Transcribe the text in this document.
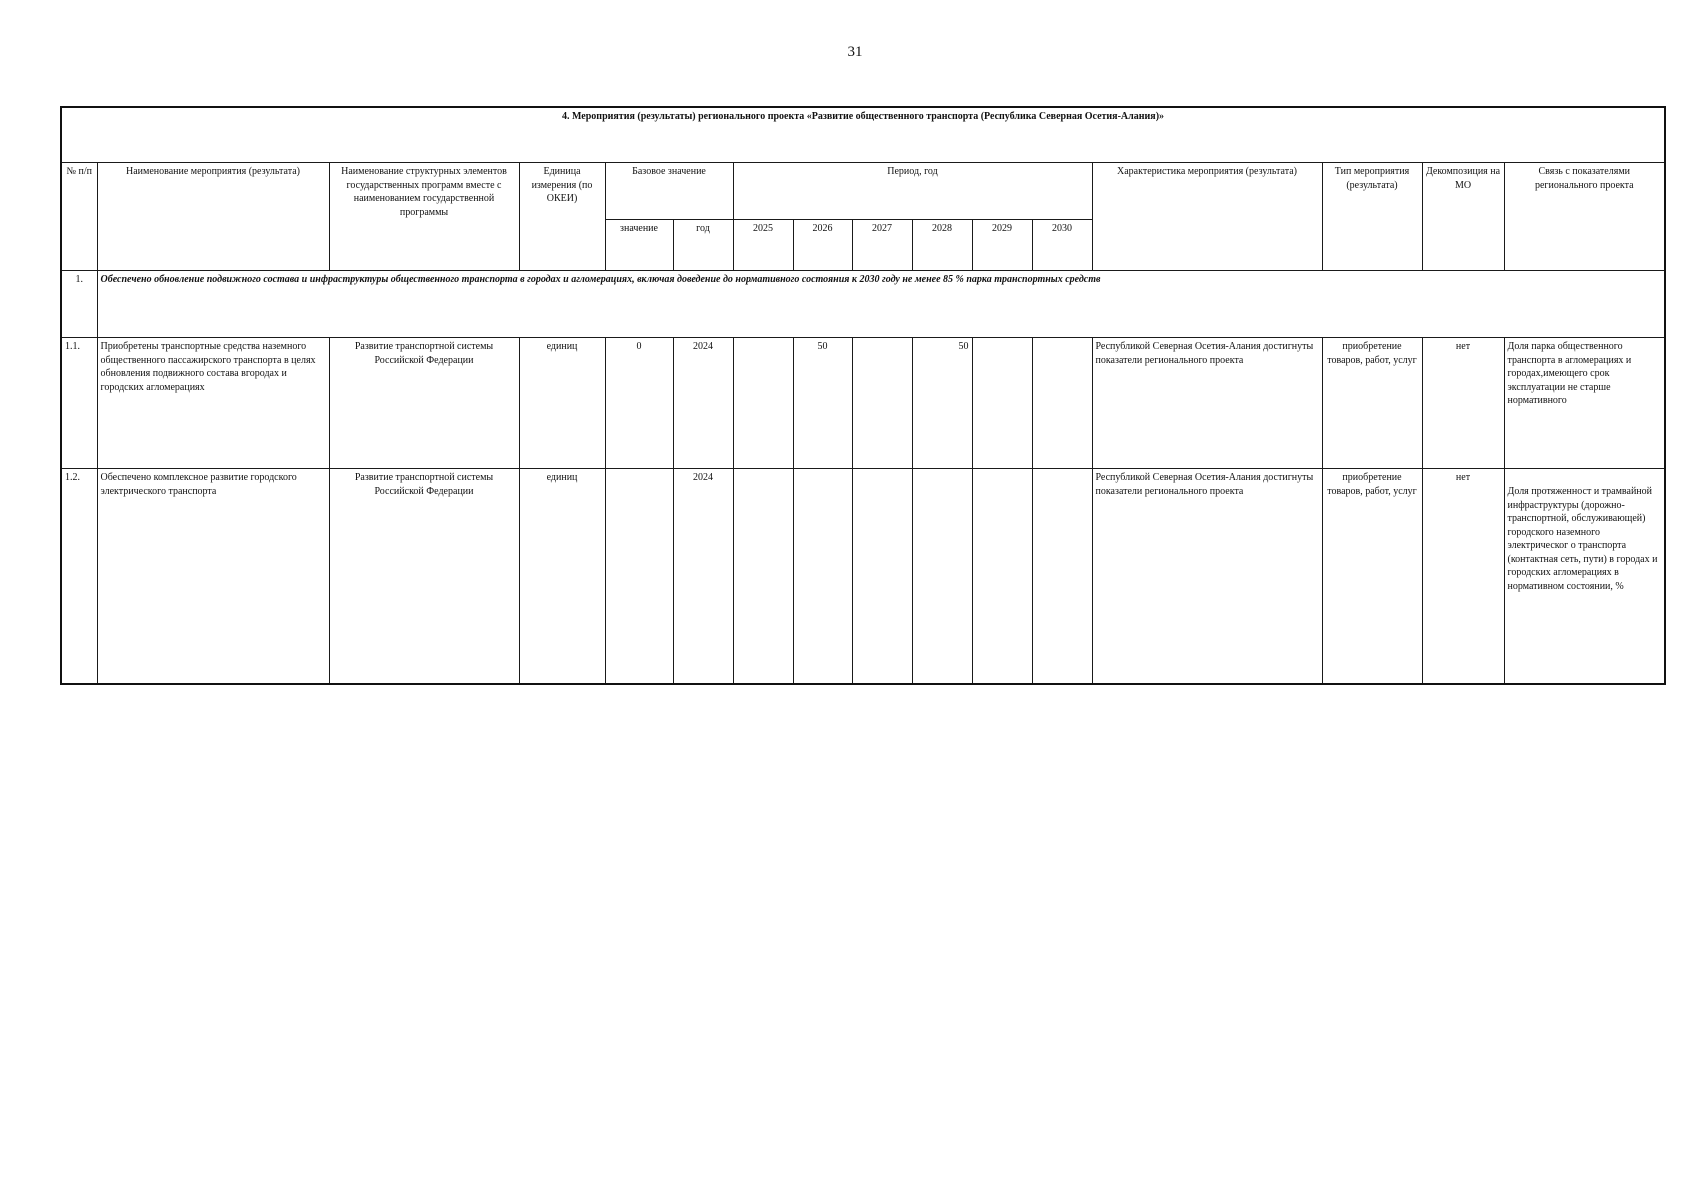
31
4. Мероприятия (результаты) регионального проекта «Развитие общественного транспорта (Республика Северная Осетия-Алания)»															
№ п/п	Наименование мероприятия (результата)	Наименование структурных элементов государственных программ вместе с наименованием государственной программы	Единица измерения (по ОКЕИ)	Базовое значение		Период, год						Характеристика мероприятия (результата)	Тип мероприятия (результата)	Декомпозиция на МО	Связь с показателями регионального проекта
				значение	год	2025	2026	2027	2028	2029	2030				
1.	Обеспечено обновление подвижного состава и инфраструктуры общественного транспорта в городах и агломерациях, включая доведение до нормативного состояния к 2030 году не менее 85 % парка транспортных средств														
1.1.	Приобретены транспортные средства наземного общественного пассажирского транспорта в целях обновления подвижного состава вгородах и городских агломерациях	Развитие транспортной системы Российской Федерации	единиц	0	2024		50		50			Республикой Северная Осетия-Алания достигнуты показатели регионального проекта	приобретение товаров, работ, услуг	нет	Доля парка общественного транспорта в агломерациях и городах,имеющего срок эксплуатации не старше нормативного
1.2.	Обеспечено комплексное развитие городского электрического транспорта	Развитие транспортной системы Российской Федерации	единиц		2024							Республикой Северная Осетия-Алания достигнуты показатели регионального проекта	приобретение товаров, работ, услуг	нет	Доля протяженност и трамвайной инфраструктуры (дорожно- транспортной, обслуживающей) городского наземного электрическог о транспорта (контактная сеть, пути) в городах и городских агломерациях в нормативном состоянии, %
